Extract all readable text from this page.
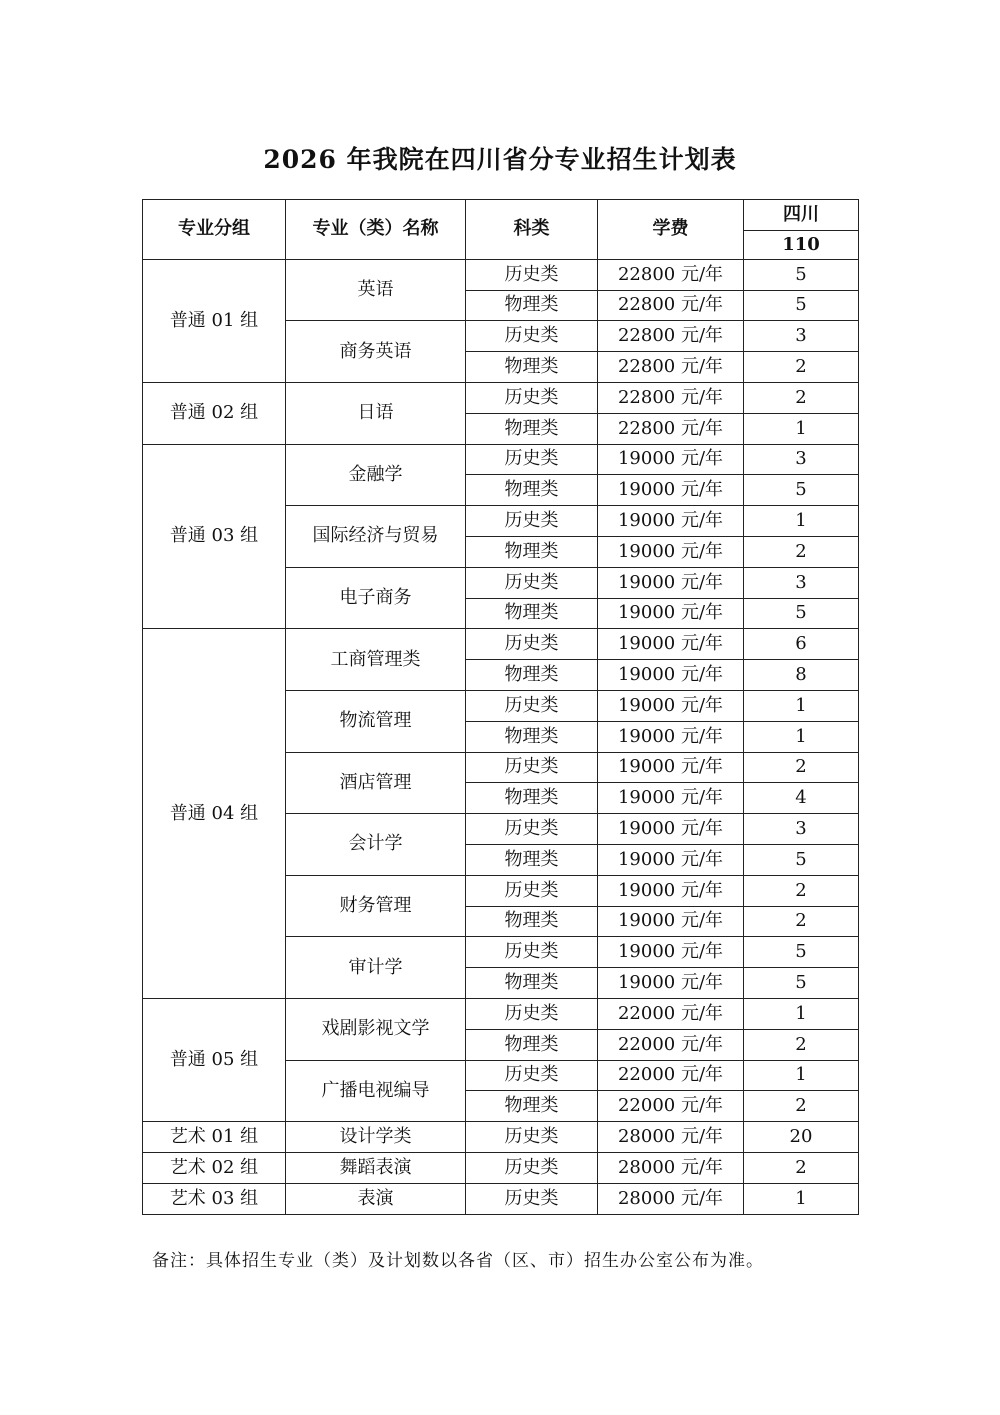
2026 年我院在四川省分专业招生计划表
专业分组	专业（类）名称	科类	学费	四川
				110
普通 01 组	英语	历史类	22800 元/年	5
		物理类	22800 元/年	5
	商务英语	历史类	22800 元/年	3
		物理类	22800 元/年	2
普通 02 组	日语	历史类	22800 元/年	2
		物理类	22800 元/年	1
普通 03 组	金融学	历史类	19000 元/年	3
		物理类	19000 元/年	5
	国际经济与贸易	历史类	19000 元/年	1
		物理类	19000 元/年	2
	电子商务	历史类	19000 元/年	3
		物理类	19000 元/年	5
普通 04 组	工商管理类	历史类	19000 元/年	6
		物理类	19000 元/年	8
	物流管理	历史类	19000 元/年	1
		物理类	19000 元/年	1
	酒店管理	历史类	19000 元/年	2
		物理类	19000 元/年	4
	会计学	历史类	19000 元/年	3
		物理类	19000 元/年	5
	财务管理	历史类	19000 元/年	2
		物理类	19000 元/年	2
	审计学	历史类	19000 元/年	5
		物理类	19000 元/年	5
普通 05 组	戏剧影视文学	历史类	22000 元/年	1
		物理类	22000 元/年	2
	广播电视编导	历史类	22000 元/年	1
		物理类	22000 元/年	2
艺术 01 组	设计学类	历史类	28000 元/年	20
艺术 02 组	舞蹈表演	历史类	28000 元/年	2
艺术 03 组	表演	历史类	28000 元/年	1
备注：具体招生专业（类）及计划数以各省（区、市）招生办公室公布为准。
